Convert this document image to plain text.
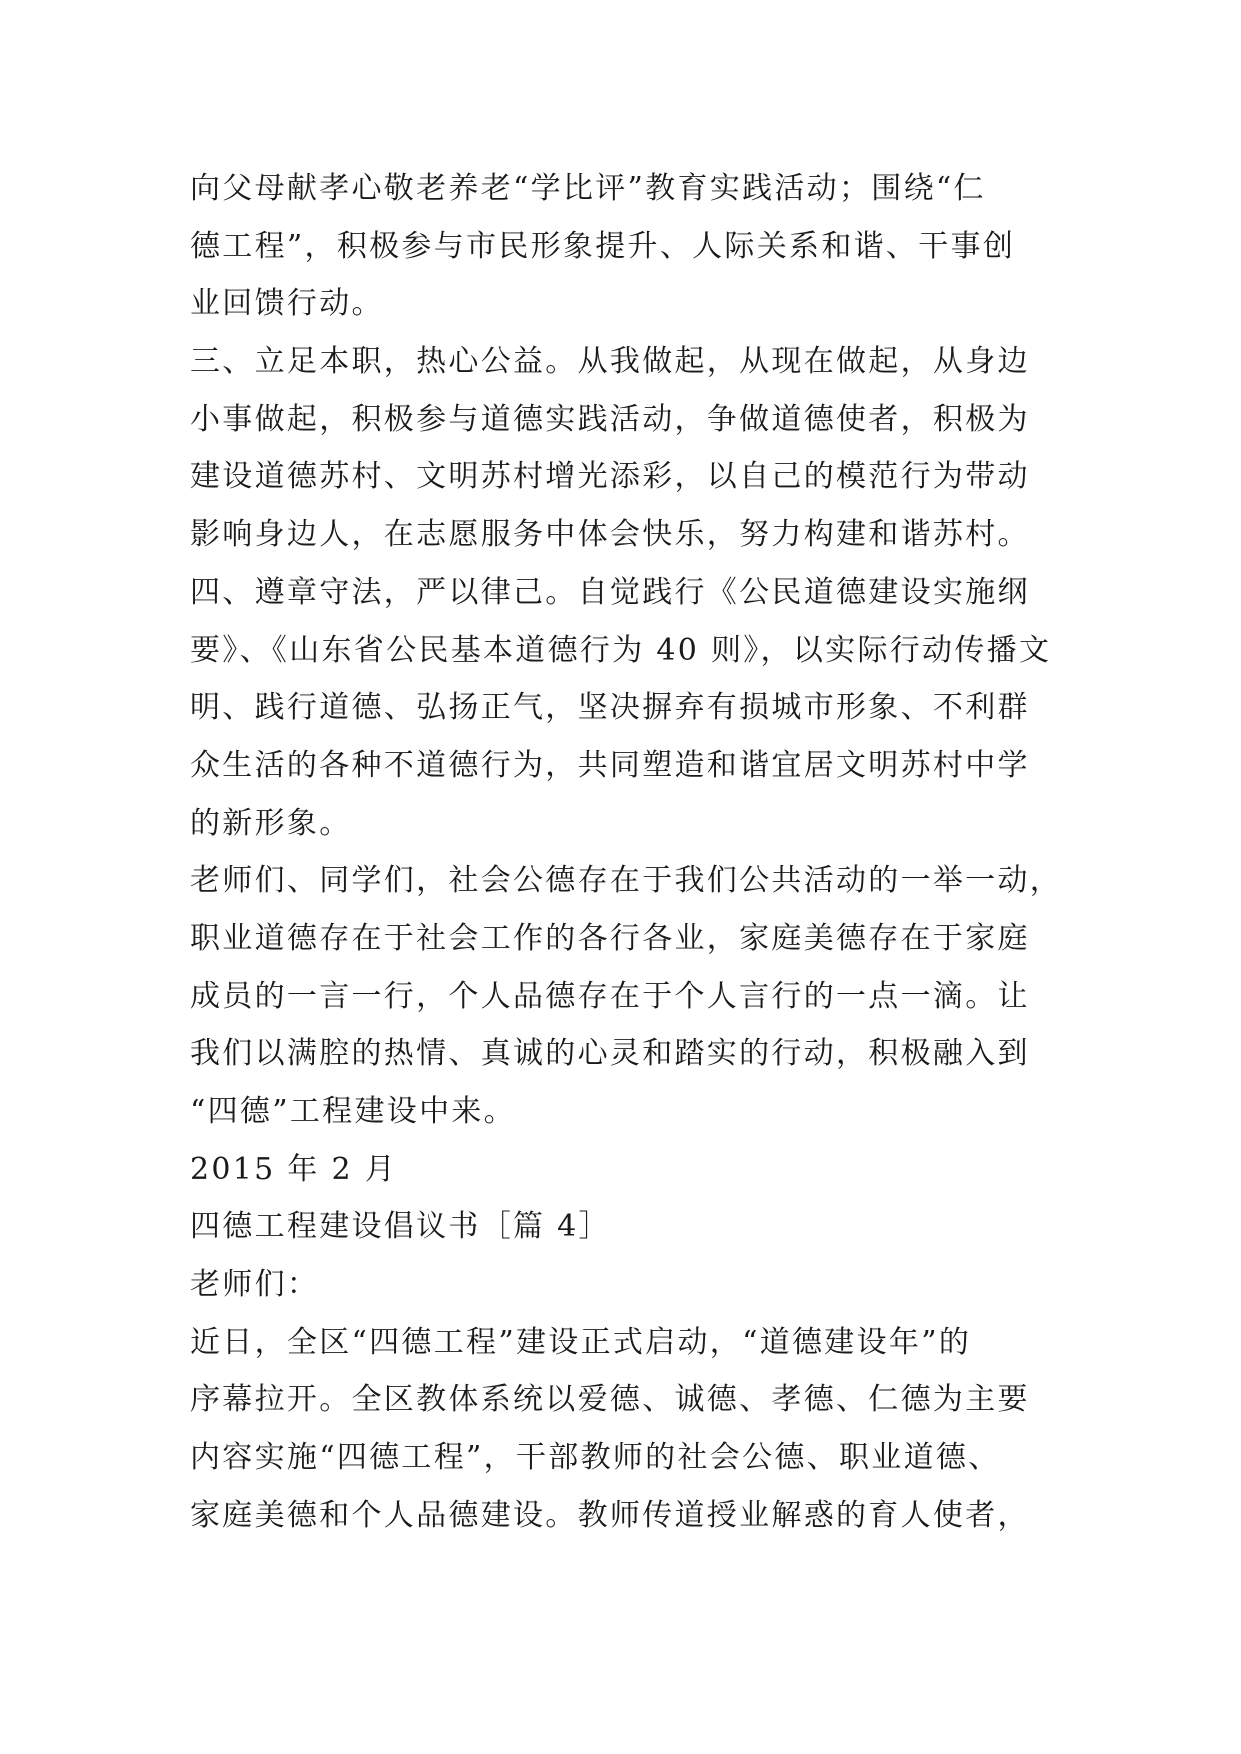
向父母献孝心敬老养老“学比评”教育实践活动；围绕“仁
德工程”，积极参与市民形象提升、人际关系和谐、干事创
业回馈行动。
三、立足本职，热心公益。从我做起，从现在做起，从身边
小事做起，积极参与道德实践活动，争做道德使者，积极为
建设道德苏村、文明苏村增光添彩，以自己的模范行为带动
影响身边人，在志愿服务中体会快乐，努力构建和谐苏村。
四、遵章守法，严以律己。自觉践行《公民道德建设实施纲
要》、《山东省公民基本道德行为 40 则》，以实际行动传播文
明、践行道德、弘扬正气，坚决摒弃有损城市形象、不利群
众生活的各种不道德行为，共同塑造和谐宜居文明苏村中学
的新形象。
老师们、同学们，社会公德存在于我们公共活动的一举一动，
职业道德存在于社会工作的各行各业，家庭美德存在于家庭
成员的一言一行，个人品德存在于个人言行的一点一滴。让
我们以满腔的热情、真诚的心灵和踏实的行动，积极融入到
“四德”工程建设中来。
2015 年 2 月
四德工程建设倡议书［篇 4］
老师们：
近日，全区“四德工程”建设正式启动，“道德建设年”的
序幕拉开。全区教体系统以爱德、诚德、孝德、仁德为主要
内容实施“四德工程”，干部教师的社会公德、职业道德、
家庭美德和个人品德建设。教师传道授业解惑的育人使者，
